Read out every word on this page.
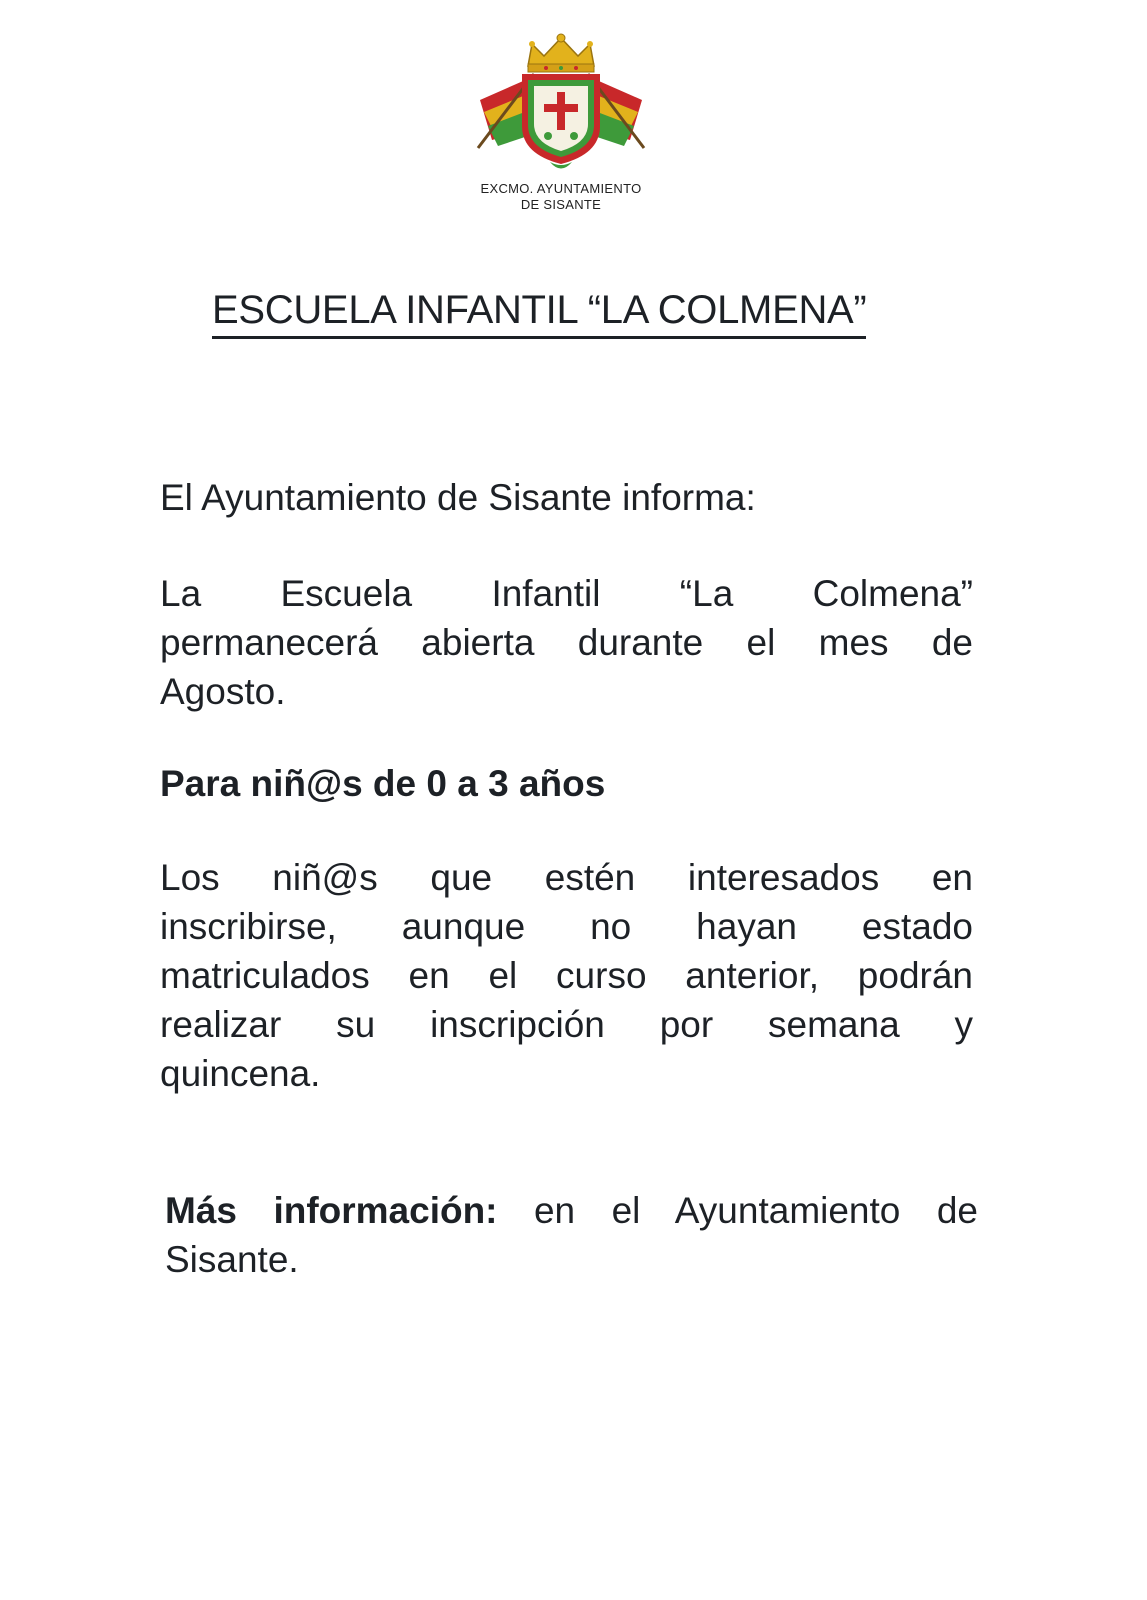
EXCMO. AYUNTAMIENTO
DE SISANTE
ESCUELA INFANTIL “LA COLMENA”
El Ayuntamiento de Sisante informa:
La Escuela Infantil “La Colmena”
permanecerá abierta durante el mes de
Agosto.
Para niñ@s de 0 a 3 años
Los niñ@s que estén interesados en
inscribirse, aunque no hayan estado
matriculados en el curso anterior, podrán
realizar su inscripción por semana y
quincena.
Más información: en el Ayuntamiento de
Sisante.
